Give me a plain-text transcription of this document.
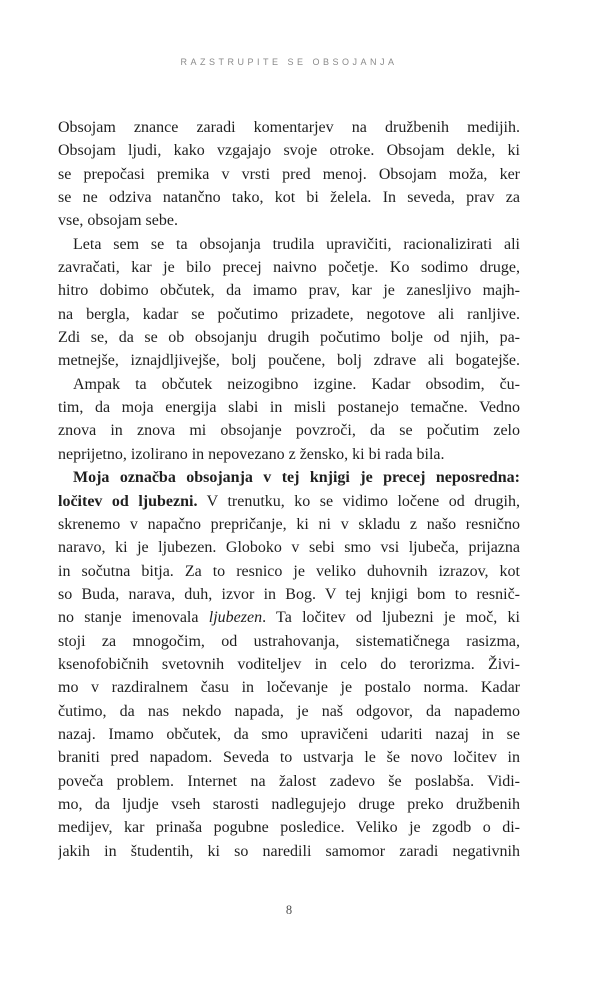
RAZSTRUPITE SE OBSOJANJA
Obsojam znance zaradi komentarjev na družbenih medijih.
Obsojam ljudi, kako vzgajajo svoje otroke. Obsojam dekle, ki
se prepočasi premika v vrsti pred menoj. Obsojam moža, ker
se ne odziva natančno tako, kot bi želela. In seveda, prav za
vse, obsojam sebe.
Leta sem se ta obsojanja trudila upravičiti, racionalizirati ali
zavračati, kar je bilo precej naivno početje. Ko sodimo druge,
hitro dobimo občutek, da imamo prav, kar je zanesljivo majh-
na bergla, kadar se počutimo prizadete, negotove ali ranljive.
Zdi se, da se ob obsojanju drugih počutimo bolje od njih, pa-
metnejše, iznajdljivejše, bolj poučene, bolj zdrave ali bogatejše.
Ampak ta občutek neizogibno izgine. Kadar obsodim, ču-
tim, da moja energija slabi in misli postanejo temačne. Vedno
znova in znova mi obsojanje povzroči, da se počutim zelo
neprijetno, izolirano in nepovezano z žensko, ki bi rada bila.
Moja označba obsojanja v tej knjigi je precej neposredna:
ločitev od ljubezni. V trenutku, ko se vidimo ločene od drugih,
skrenemo v napačno prepričanje, ki ni v skladu z našo resnično
naravo, ki je ljubezen. Globoko v sebi smo vsi ljubeča, prijazna
in sočutna bitja. Za to resnico je veliko duhovnih izrazov, kot
so Buda, narava, duh, izvor in Bog. V tej knjigi bom to resnič-
no stanje imenovala ljubezen. Ta ločitev od ljubezni je moč, ki
stoji za mnogočim, od ustrahovanja, sistematičnega rasizma,
ksenofobičnih svetovnih voditeljev in celo do terorizma. Živi-
mo v razdiralnem času in ločevanje je postalo norma. Kadar
čutimo, da nas nekdo napada, je naš odgovor, da napademo
nazaj. Imamo občutek, da smo upravičeni udariti nazaj in se
braniti pred napadom. Seveda to ustvarja le še novo ločitev in
poveča problem. Internet na žalost zadevo še poslabša. Vidi-
mo, da ljudje vseh starosti nadlegujejo druge preko družbenih
medijev, kar prinaša pogubne posledice. Veliko je zgodb o di-
jakih in študentih, ki so naredili samomor zaradi negativnih
8
